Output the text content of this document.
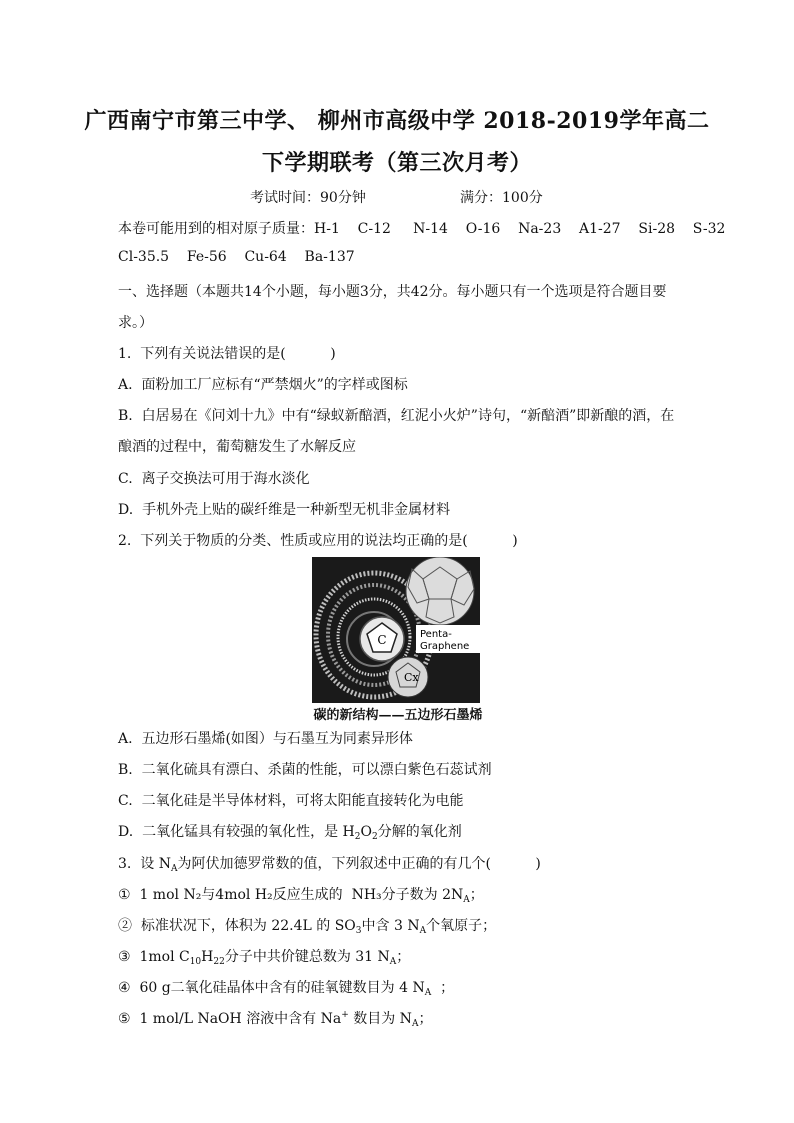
广西南宁市第三中学、 柳州市高级中学 2018-2019学年高二
下学期联考（第三次月考）
考试时间：90分钟	满分：100分
本卷可能用到的相对原子质量：H-1    C-12     N-14    O-16    Na-23    A1-27    Si-28    S-32
Cl-35.5    Fe-56    Cu-64    Ba-137
一、选择题（本题共14个小题，每小题3分，共42分。每小题只有一个选项是符合题目要
求。）
1.  下列有关说法错误的是(          )
A.  面粉加工厂应标有“严禁烟火”的字样或图标
B.  白居易在《问刘十九》中有“绿蚁新醅酒，红泥小火炉”诗句，“新醅酒”即新酿的酒，在
酿酒的过程中，葡萄糖发生了水解反应
C.  离子交换法可用于海水淡化
D.  手机外壳上贴的碳纤维是一种新型无机非金属材料
2.  下列关于物质的分类、性质或应用的说法均正确的是(          )
C	Penta-
Graphene
Cx
碳的新结构——五边形石墨烯
A.  五边形石墨烯(如图）与石墨互为同素异形体
B.  二氧化硫具有漂白、杀菌的性能，可以漂白紫色石蕊试剂
C.  二氧化硅是半导体材料，可将太阳能直接转化为电能
D.  二氧化锰具有较强的氧化性，是 $H_2O_2$分解的氧化剂
3.  设 $N_A$为阿伏加德罗常数的值，下列叙述中正确的有几个(          )
①  1 mol N₂与4mol H₂反应生成的  NH₃分子数为 $2N_A$；
②  标准状况下，体积为 22.4L 的 $SO_3$中含 3 $N_A$个氧原子；
③  1mol $C_{10}H_{22}$分子中共价键总数为 31 $N_A$；
④  60 g二氧化硅晶体中含有的硅氧键数目为 4 $N_A$  ；
⑤  1 mol/L NaOH 溶液中含有 Na+ 数目为 $N_A$；
